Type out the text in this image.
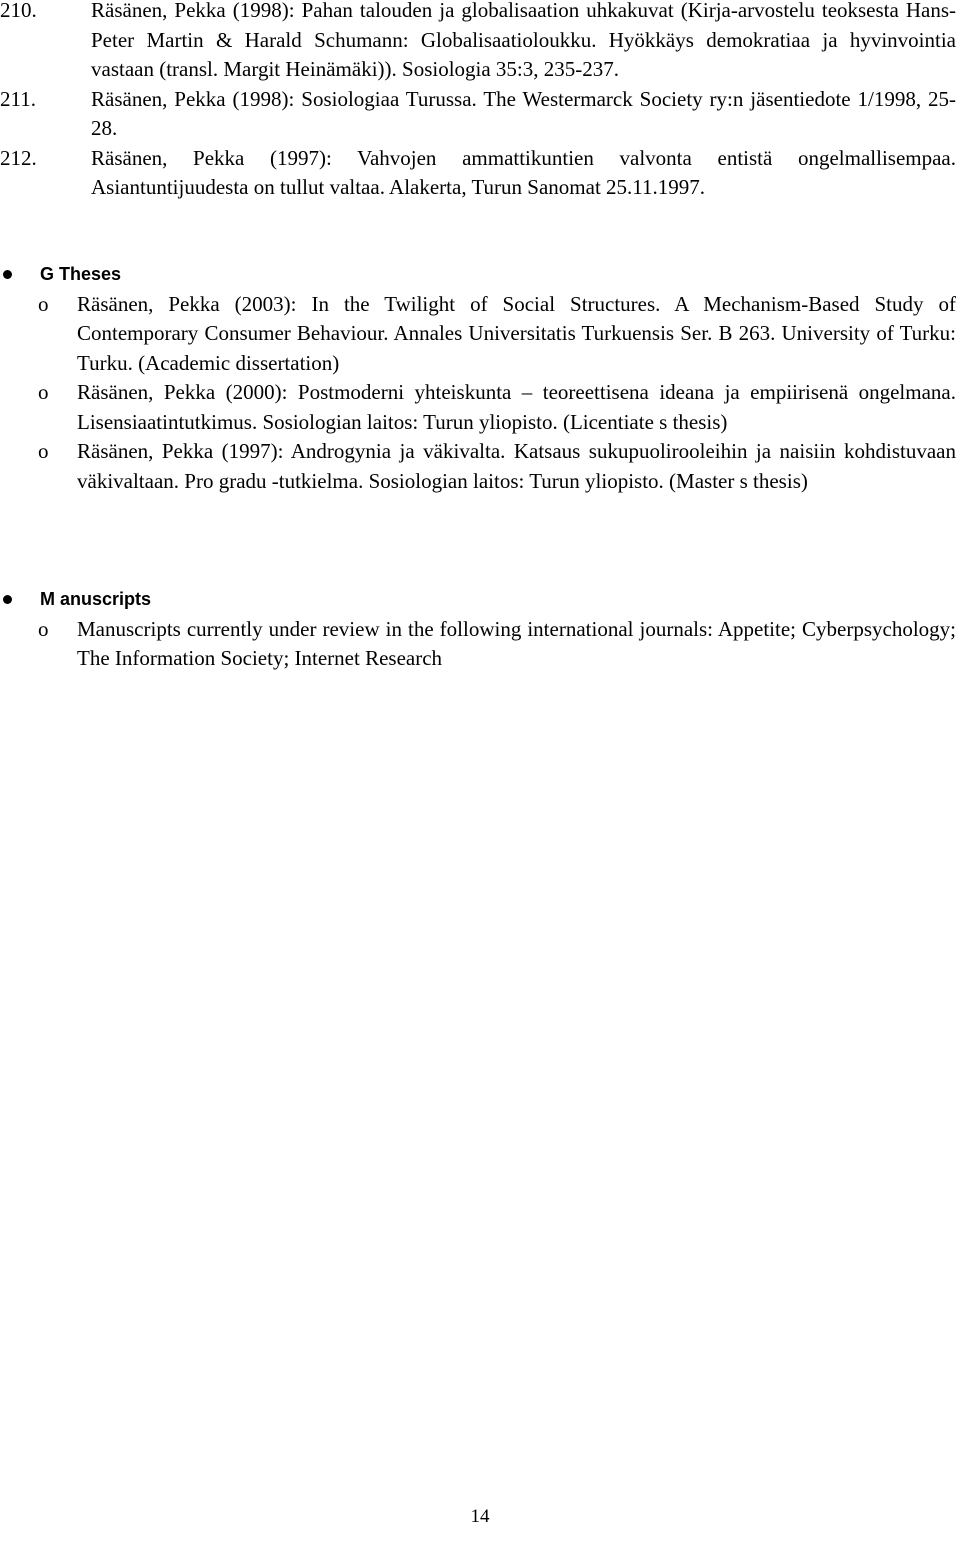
210.	Räsänen, Pekka (1998): Pahan talouden ja globalisaation uhkakuvat (Kirja-arvostelu teoksesta Hans-Peter Martin & Harald Schumann: Globalisaatioloukku. Hyökkäys demokratiaa ja hyvinvointia vastaan (transl. Margit Heinämäki)). Sosiologia 35:3, 235-237.
211.	Räsänen, Pekka (1998): Sosiologiaa Turussa. The Westermarck Society ry:n jäsentiedote 1/1998, 25-28.
212.	Räsänen, Pekka (1997): Vahvojen ammattikuntien valvonta entistä ongelmallisempaa. Asiantuntijuudesta on tullut valtaa. Alakerta, Turun Sanomat 25.11.1997.
G Theses
o Räsänen, Pekka (2003): In the Twilight of Social Structures. A Mechanism-Based Study of Contemporary Consumer Behaviour. Annales Universitatis Turkuensis Ser. B 263. University of Turku: Turku. (Academic dissertation)
o Räsänen, Pekka (2000): Postmoderni yhteiskunta – teoreettisena ideana ja empiirisenä ongelmana. Lisensiaatintutkimus. Sosiologian laitos: Turun yliopisto. (Licentiate s thesis)
o Räsänen, Pekka (1997): Androgynia ja väkivalta. Katsaus sukupuolirooleihin ja naisiin kohdistuvaan väkivaltaan. Pro gradu -tutkielma. Sosiologian laitos: Turun yliopisto. (Master s thesis)
M anuscripts
o Manuscripts currently under review in the following international journals: Appetite; Cyberpsychology; The Information Society; Internet Research
14
